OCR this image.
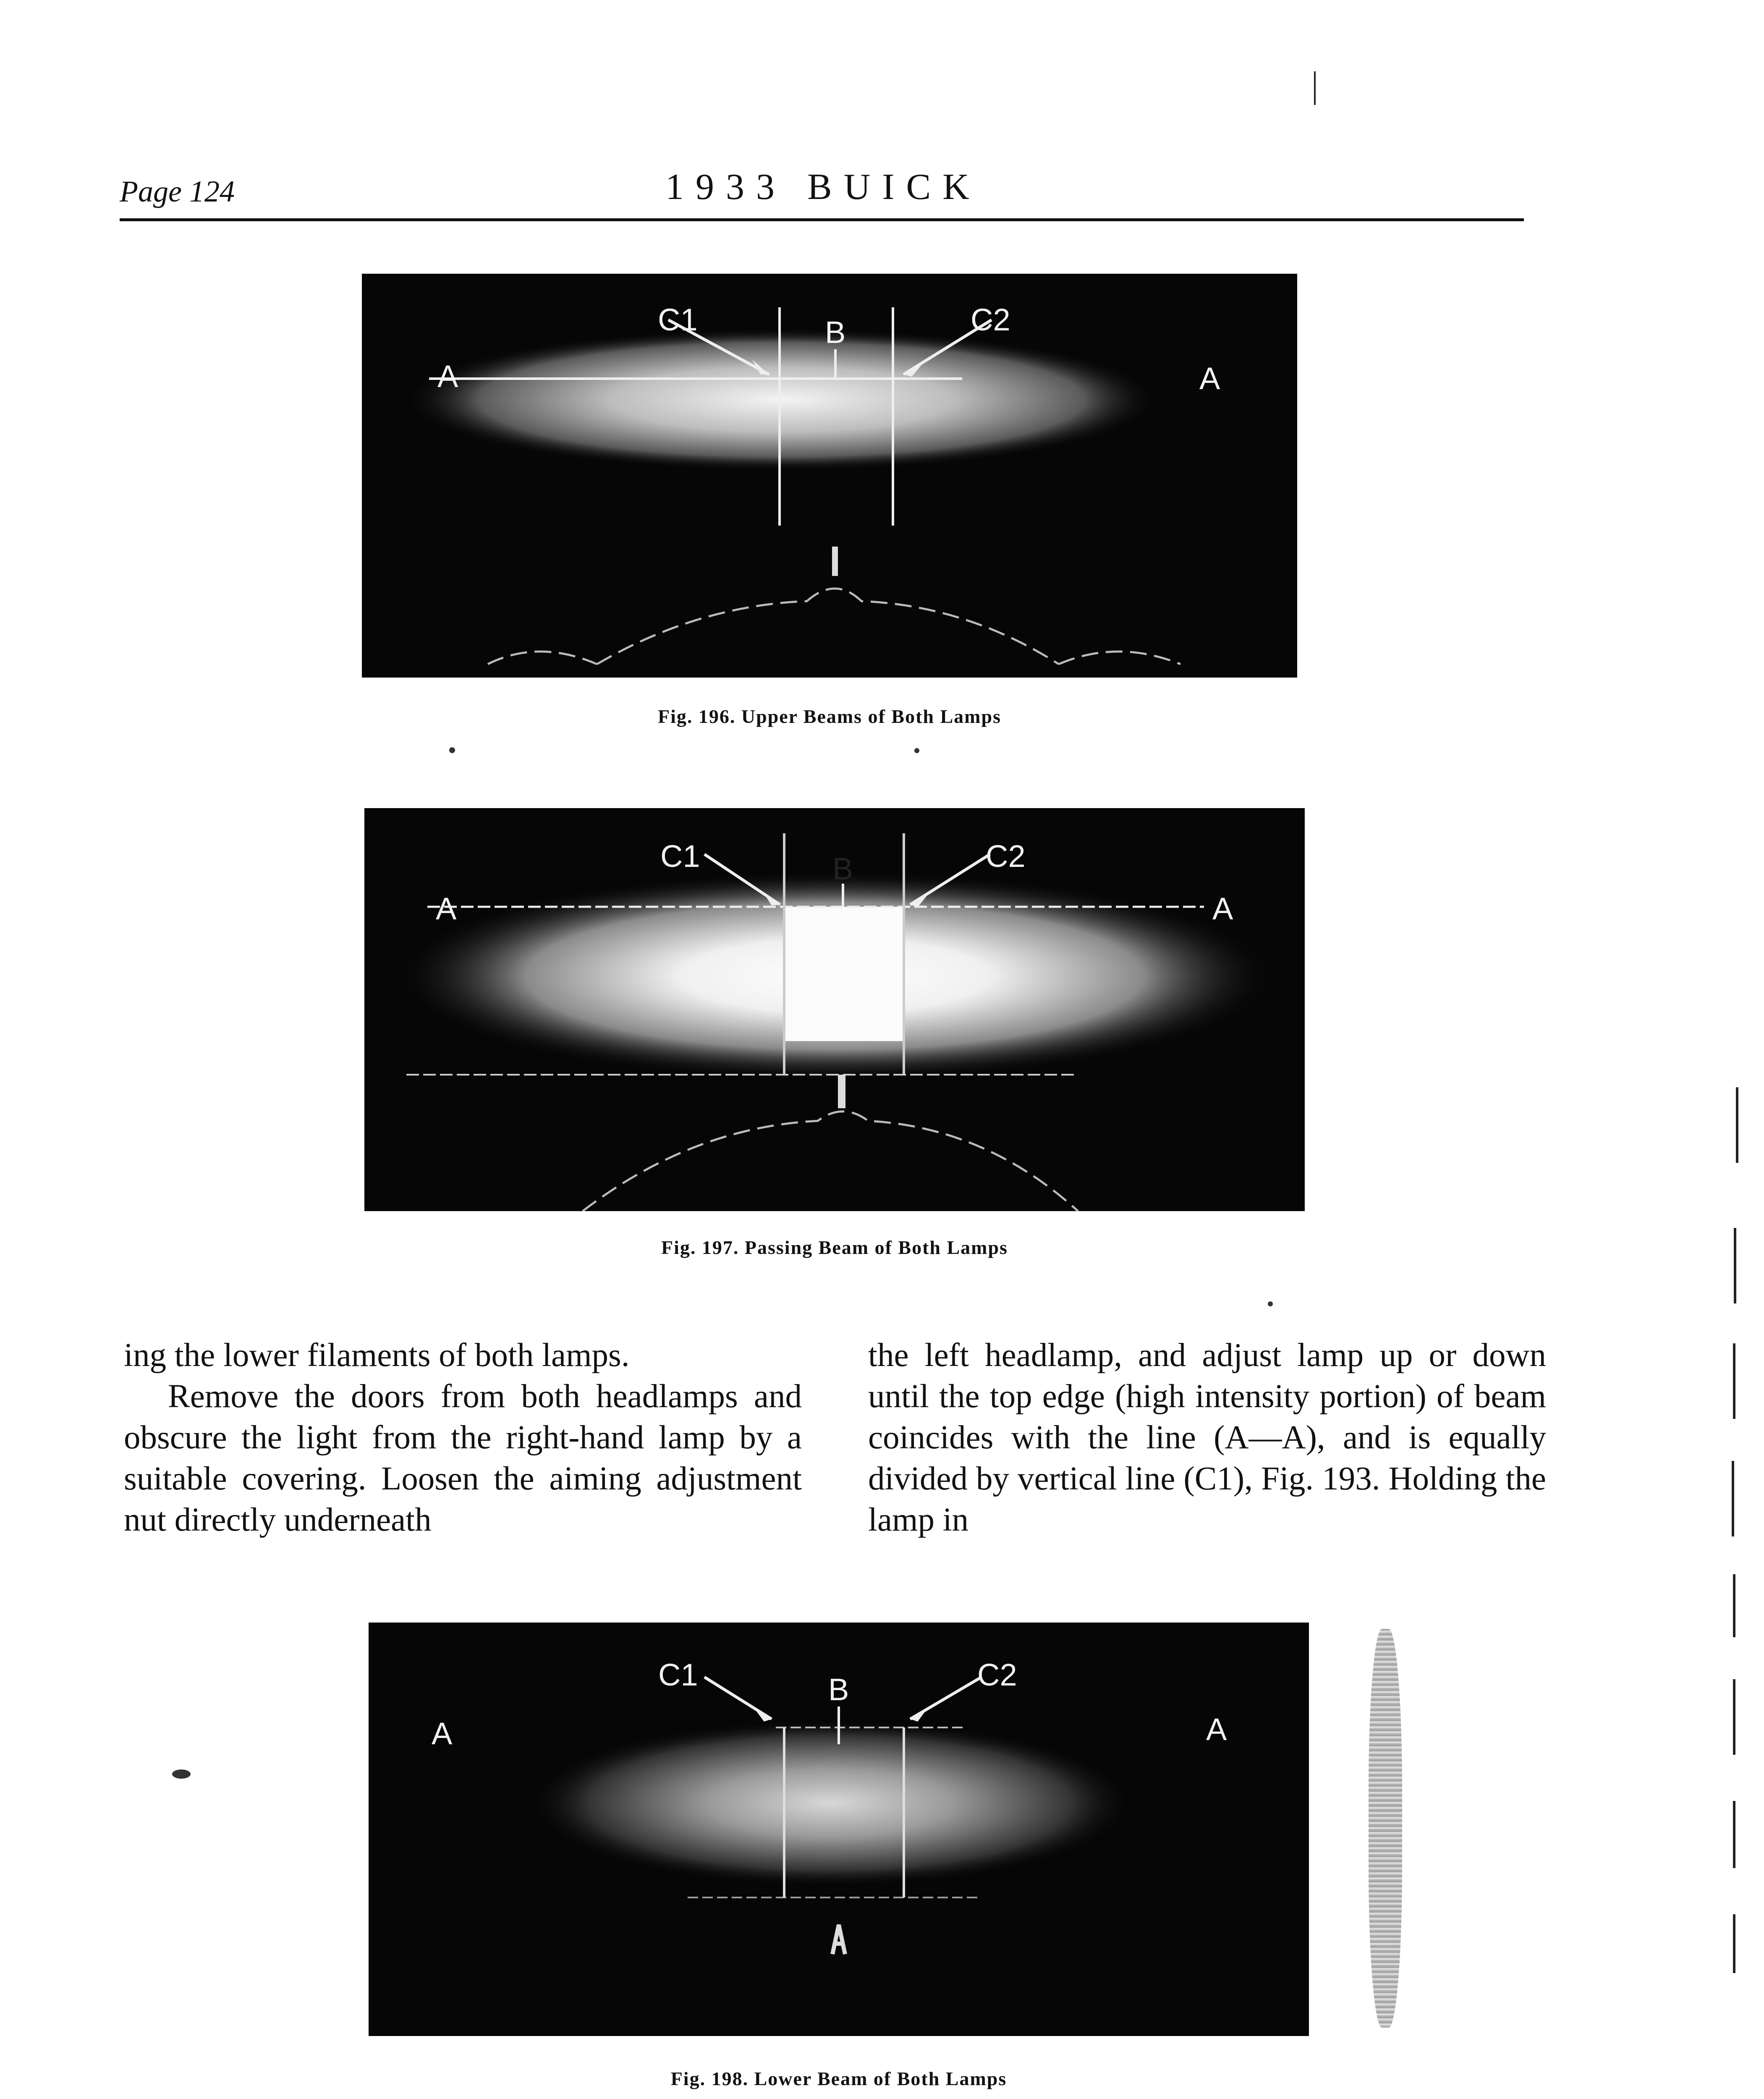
Page 124	1933 BUICK
C1	B	C2
A	A
Fig. 196. Upper Beams of Both Lamps
C1	B	C2
A	A
Fig. 197. Passing Beam of Both Lamps

ing the lower filaments of both lamps.

Remove the doors from both headlamps and obscure the light from the right-hand lamp by a suitable covering. Loosen the aiming adjustment nut directly underneath

the left headlamp, and adjust lamp up or down until the top edge (high intensity portion) of beam coincides with the line (A—A), and is equally divided by vertical line (C1), Fig. 193. Holding the lamp in

C1	B	C2
A	A
Fig. 198. Lower Beam of Both Lamps
